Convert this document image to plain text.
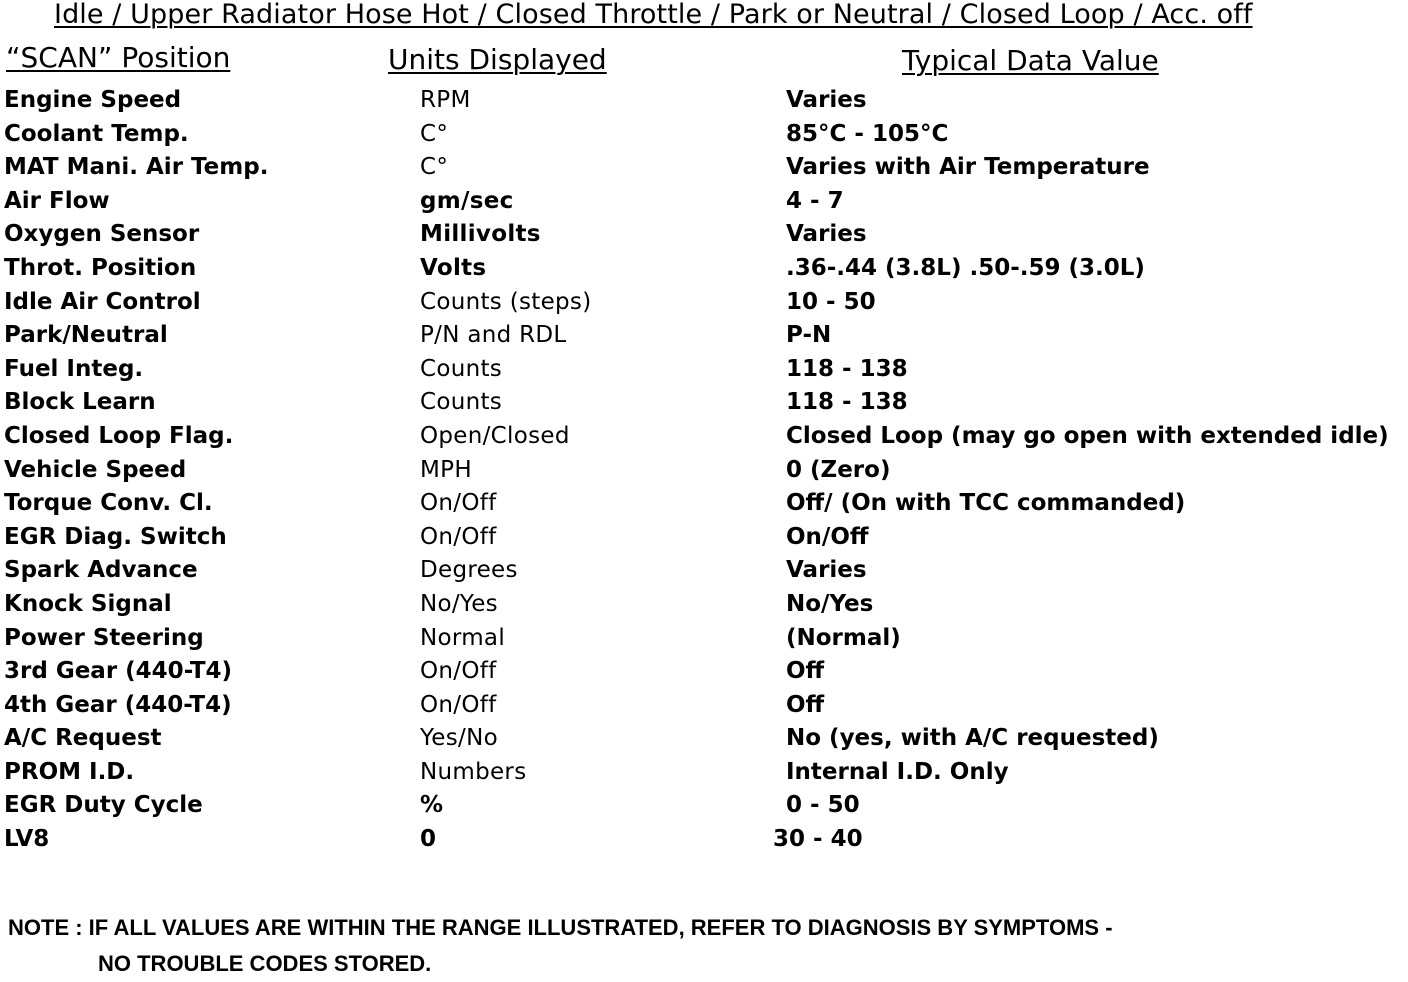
Idle / Upper Radiator Hose Hot / Closed Throttle / Park or Neutral / Closed Loop / Acc. off
“SCAN” Position	Units Displayed	Typical Data Value
Engine Speed	RPM	Varies
Coolant Temp.	C°	85°C - 105°C
MAT Mani. Air Temp.	C°	Varies with Air Temperature
Air Flow	gm/sec	4 - 7
Oxygen Sensor	Millivolts	Varies
Throt. Position	Volts	.36-.44 (3.8L) .50-.59 (3.0L)
Idle Air Control	Counts (steps)	10 - 50
Park/Neutral	P/N and RDL	P-N
Fuel Integ.	Counts	118 - 138
Block Learn	Counts	118 - 138
Closed Loop Flag.	Open/Closed	Closed Loop (may go open with extended idle)
Vehicle Speed	MPH	0 (Zero)
Torque Conv. Cl.	On/Off	Off/ (On with TCC commanded)
EGR Diag. Switch	On/Off	On/Off
Spark Advance	Degrees	Varies
Knock Signal	No/Yes	No/Yes
Power Steering	Normal	(Normal)
3rd Gear (440-T4)	On/Off	Off
4th Gear (440-T4)	On/Off	Off
A/C Request	Yes/No	No (yes, with A/C requested)
PROM I.D.	Numbers	Internal I.D. Only
EGR Duty Cycle	%	0 - 50
LV8	0	30 - 40
NOTE : IF ALL VALUES ARE WITHIN THE RANGE ILLUSTRATED, REFER TO DIAGNOSIS BY SYMPTOMS -
NO TROUBLE CODES STORED.
